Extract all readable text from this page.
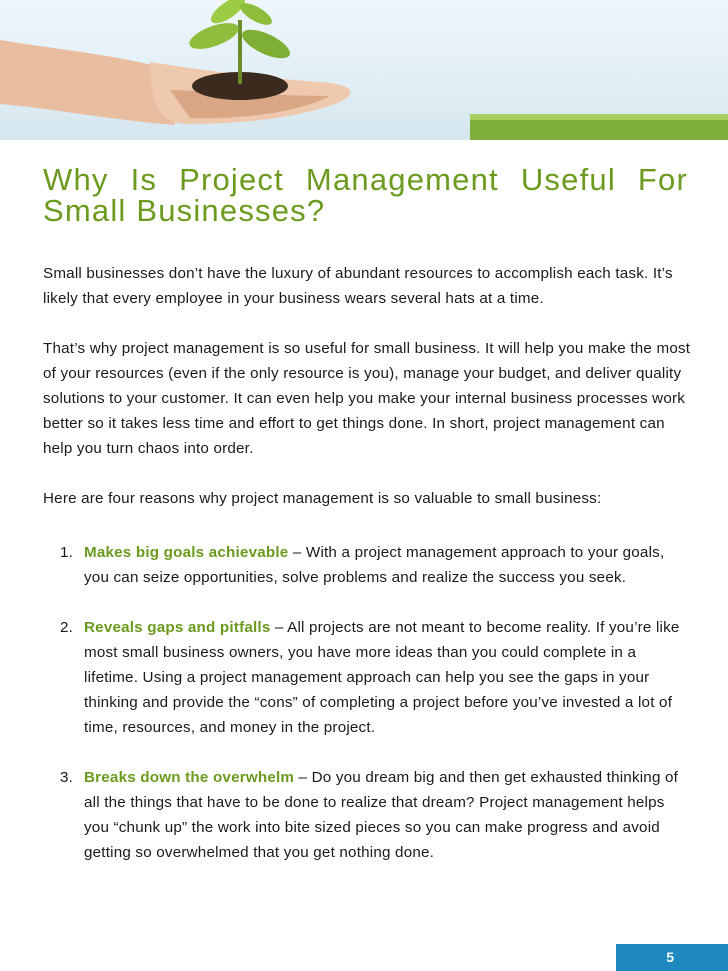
Why Is Project Management Useful For
Small Businesses?

Small businesses don’t have the luxury of abundant resources to accomplish each task. It’s likely that every employee in your business wears several hats at a time.

That’s why project management is so useful for small business. It will help you make the most of your resources (even if the only resource is you), manage your budget, and deliver quality solutions to your customer. It can even help you make your internal business processes work better so it takes less time and effort to get things done. In short, project management can help you turn chaos into order.

Here are four reasons why project management is so valuable to small business:

1. Makes big goals achievable – With a project management approach to your goals, you can seize opportunities, solve problems and realize the success you seek.
2. Reveals gaps and pitfalls – All projects are not meant to become reality. If you’re like most small business owners, you have more ideas than you could complete in a lifetime. Using a project management approach can help you see the gaps in your thinking and provide the “cons” of completing a project before you’ve invested a lot of time, resources, and money in the project.
3. Breaks down the overwhelm – Do you dream big and then get exhausted thinking of all the things that have to be done to realize that dream? Project management helps you “chunk up” the work into bite sized pieces so you can make progress and avoid getting so overwhelmed that you get nothing done.
5
